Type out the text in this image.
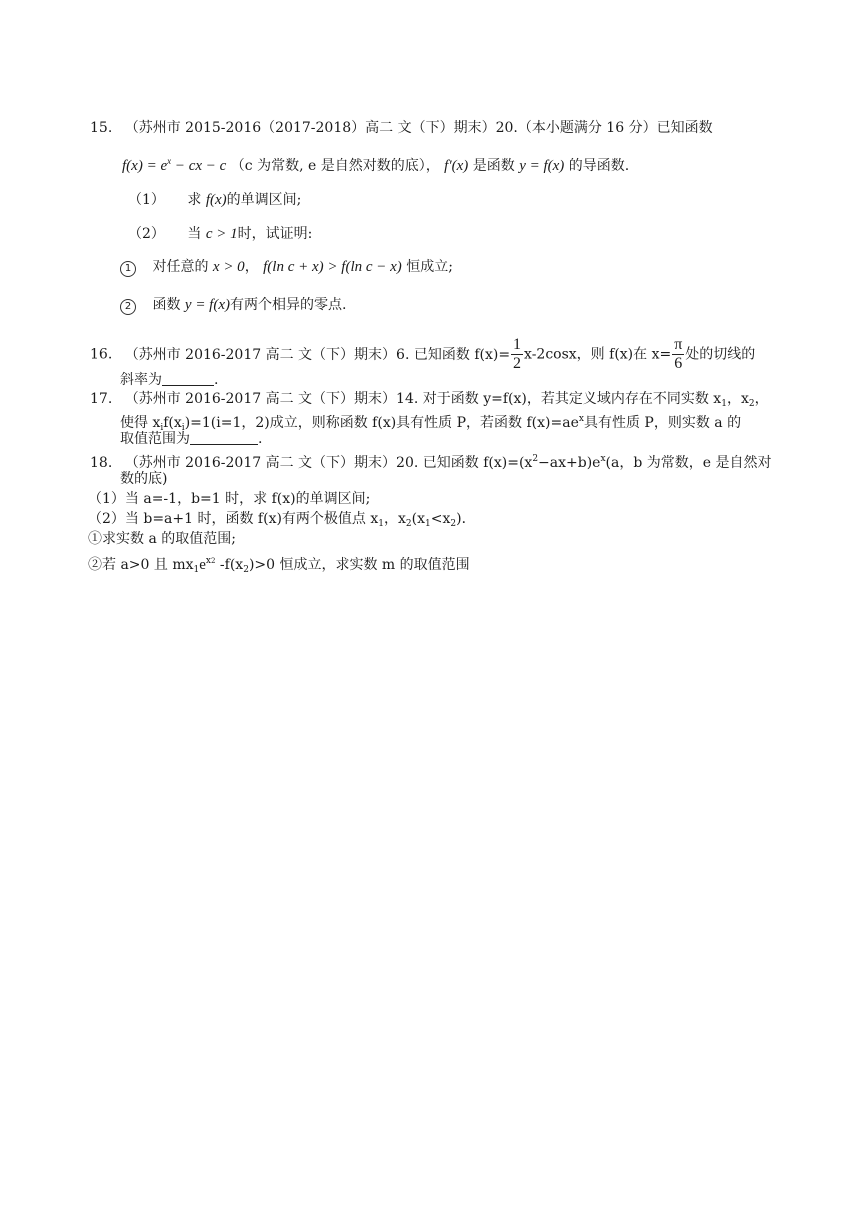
15. （苏州市 2015-2016（2017-2018）高二 文（下）期末）20.（本小题满分 16 分）已知函数
$f(x) = e^x$ − cx − c （c 为常数, e 是自然对数的底）， f′(x) 是函数 y = f(x) 的导函数.
（1） 求 f(x)的单调区间;
（2） 当 c > 1时，试证明:
1 对任意的 x > 0， f(ln c + x) > f(ln c − x) 恒成立;
2 函数 y = f(x)有两个相异的零点.
16. （苏州市 2016-2017 高二 文（下）期末）6. 已知函数 $f(x)= \frac{1}{2} x-2\cos x$，则 f(x)在 $x= \frac{\pi}{6}$ 处的切线的
斜率为	.
17. （苏州市 2016-2017 高二 文（下）期末）14. 对于函数 y=f(x)，若其定义域内存在不同实数 $x_1$，$x_2$，
使得 $x_if(x_i)=1(i=1$，2)成立，则称函数 f(x)具有性质 P，若函数 $f(x)=ae^x$具有性质 P，则实数 a 的
取值范围为	.
18. （苏州市 2016-2017 高二 文（下）期末）20. 已知函数 $f(x)=(x^2-ax+b)e^x(a$，b 为常数，e 是自然对
数的底)
（1）当 a=-1，b=1 时，求 f(x)的单调区间;
（2）当 b=a+1 时，函数 f(x)有两个极值点 $x_1$，$x_2(x_1<x_2)$．
①求实数 a 的取值范围;
②若 a>0 且 $mx_1e^{x2}$ $-f(x_2)>0$ 恒成立，求实数 m 的取值范围
